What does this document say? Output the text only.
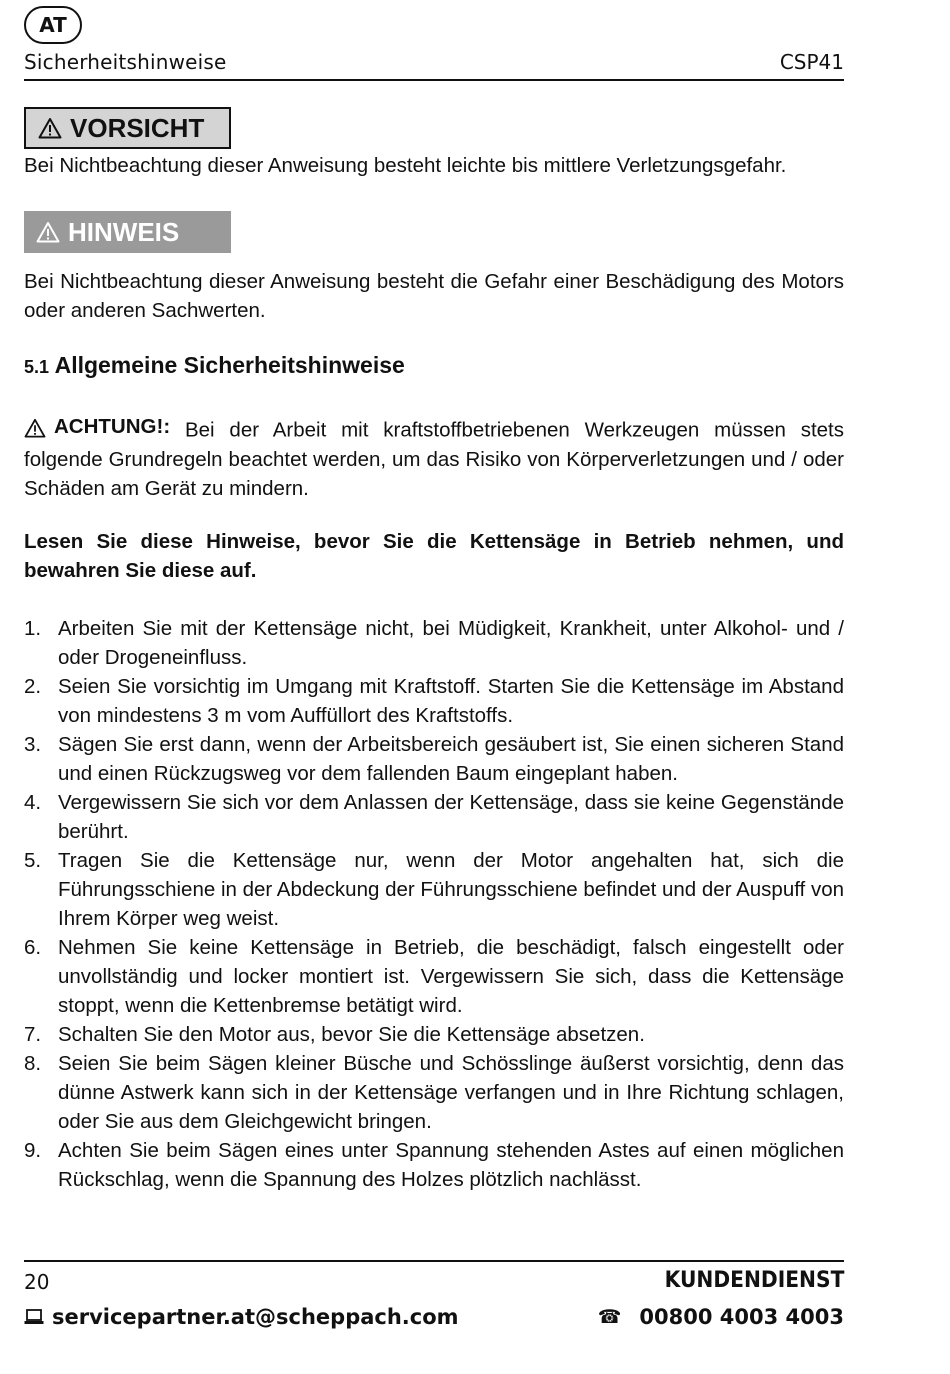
AT
Sicherheitshinweise	CSP41
VORSICHT
Bei Nichtbeachtung dieser Anweisung besteht leichte bis mittlere Verletzungsgefahr.
HINWEIS
Bei Nichtbeachtung dieser Anweisung besteht die Gefahr einer Beschädigung des Motors oder anderen Sachwerten.
5.1 Allgemeine Sicherheitshinweise
ACHTUNG!: Bei der Arbeit mit kraftstoffbetriebenen Werkzeugen müssen stets folgende Grundregeln beachtet werden, um das Risiko von Körperverletzungen und / oder Schäden am Gerät zu mindern.
Lesen Sie diese Hinweise, bevor Sie die Kettensäge in Betrieb nehmen, und bewahren Sie diese auf.
1. Arbeiten Sie mit der Kettensäge nicht, bei Müdigkeit, Krankheit, unter Alkohol- und / oder Drogeneinfluss.
2. Seien Sie vorsichtig im Umgang mit Kraftstoff. Starten Sie die Kettensäge im Abstand von mindestens 3 m vom Auffüllort des Kraftstoffs.
3. Sägen Sie erst dann, wenn der Arbeitsbereich gesäubert ist, Sie einen sicheren Stand und einen Rückzugsweg vor dem fallenden Baum eingeplant haben.
4. Vergewissern Sie sich vor dem Anlassen der Kettensäge, dass sie keine Gegenstände berührt.
5. Tragen Sie die Kettensäge nur, wenn der Motor angehalten hat, sich die Führungsschiene in der Abdeckung der Führungsschiene befindet und der Auspuff von Ihrem Körper weg weist.
6. Nehmen Sie keine Kettensäge in Betrieb, die beschädigt, falsch eingestellt oder unvollständig und locker montiert ist. Vergewissern Sie sich, dass die Kettensäge stoppt, wenn die Kettenbremse betätigt wird.
7. Schalten Sie den Motor aus, bevor Sie die Kettensäge absetzen.
8. Seien Sie beim Sägen kleiner Büsche und Schösslinge äußerst vorsichtig, denn das dünne Astwerk kann sich in der Kettensäge verfangen und in Ihre Richtung schlagen, oder Sie aus dem Gleichgewicht bringen.
9. Achten Sie beim Sägen eines unter Spannung stehenden Astes auf einen möglichen Rückschlag, wenn die Spannung des Holzes plötzlich nachlässt.
20	KUNDENDIENST
servicepartner.at@scheppach.com	☎ 00800 4003 4003
